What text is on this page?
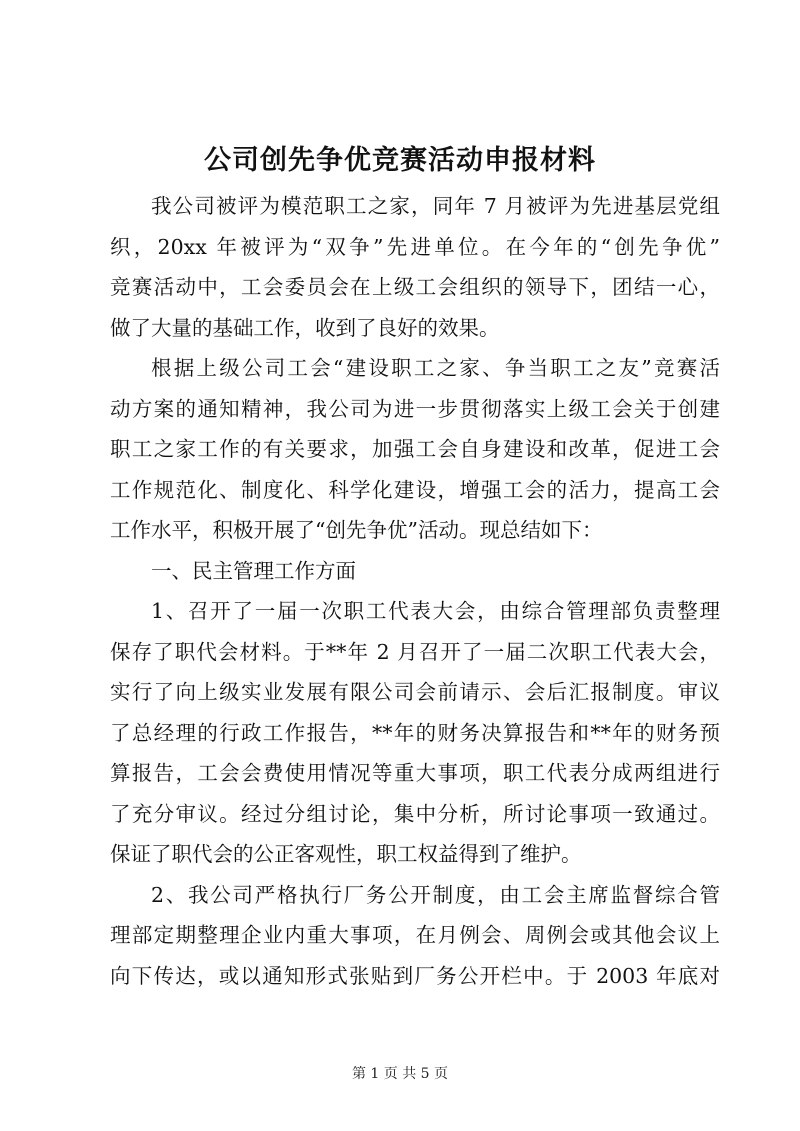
公司创先争优竞赛活动申报材料
我公司被评为模范职工之家，同年 7 月被评为先进基层党组
织，20xx 年被评为“双争”先进单位。在今年的“创先争优”
竞赛活动中，工会委员会在上级工会组织的领导下，团结一心，
做了大量的基础工作，收到了良好的效果。
根据上级公司工会“建设职工之家、争当职工之友”竞赛活
动方案的通知精神，我公司为进一步贯彻落实上级工会关于创建
职工之家工作的有关要求，加强工会自身建设和改革，促进工会
工作规范化、制度化、科学化建设，增强工会的活力，提高工会
工作水平，积极开展了“创先争优”活动。现总结如下：
一、民主管理工作方面
1、召开了一届一次职工代表大会，由综合管理部负责整理
保存了职代会材料。于**年 2 月召开了一届二次职工代表大会，
实行了向上级实业发展有限公司会前请示、会后汇报制度。审议
了总经理的行政工作报告，**年的财务决算报告和**年的财务预
算报告，工会会费使用情况等重大事项，职工代表分成两组进行
了充分审议。经过分组讨论，集中分析，所讨论事项一致通过。
保证了职代会的公正客观性，职工权益得到了维护。
2、我公司严格执行厂务公开制度，由工会主席监督综合管
理部定期整理企业内重大事项，在月例会、周例会或其他会议上
向下传达，或以通知形式张贴到厂务公开栏中。于 2003 年底对
第 1 页 共 5 页
